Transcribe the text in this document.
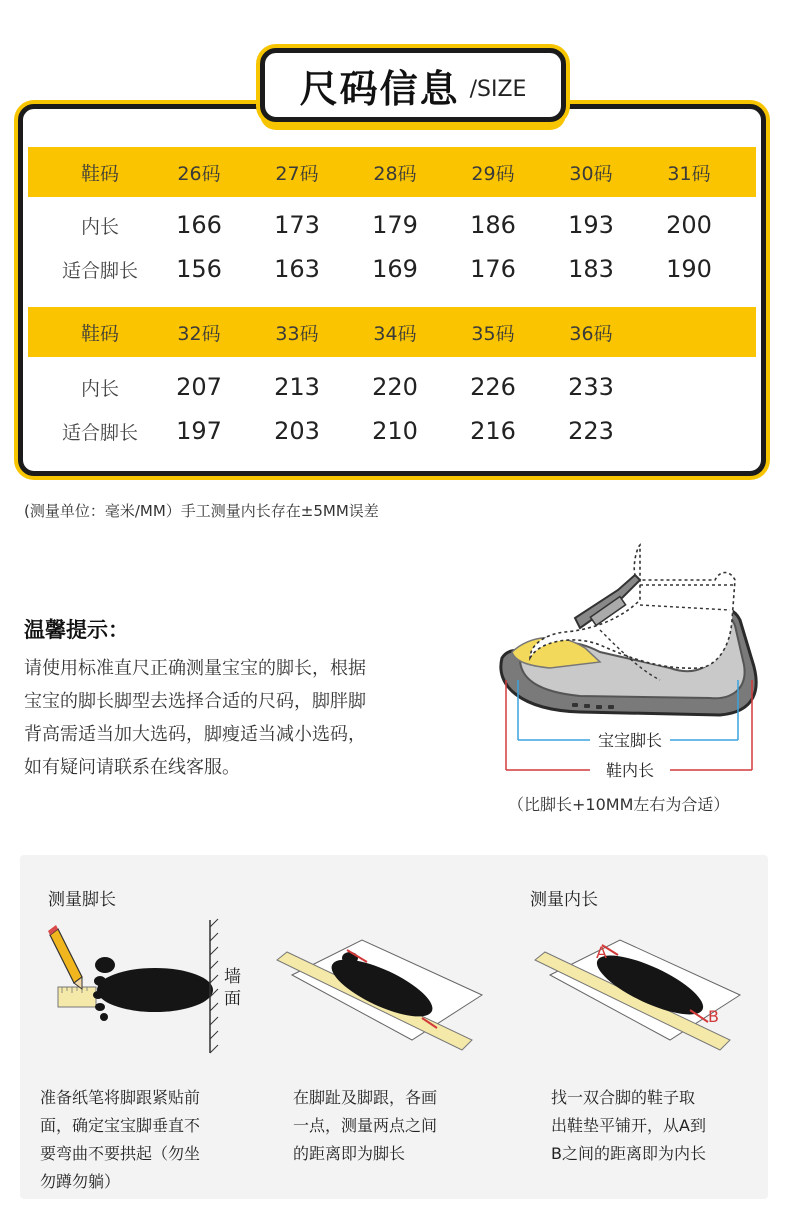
鞋码	26码	27码	28码	29码	30码	31码
内长	166	173	179	186	193	200
适合脚长	156	163	169	176	183	190
鞋码	32码	33码	34码	35码	36码
内长	207	213	220	226	233
适合脚长	197	203	210	216	223
尺码信息 /SIZE
(测量单位：毫米/MM）手工测量内长存在±5MM误差
温馨提示：
请使用标准直尺正确测量宝宝的脚长，根据
宝宝的脚长脚型去选择合适的尺码，脚胖脚
背高需适当加大选码，脚瘦适当减小选码，
如有疑问请联系在线客服。
宝宝脚长
鞋内长
（比脚长+10MM左右为合适）
测量脚长	测量内长
墙面
A
B
准备纸笔将脚跟紧贴前
面，确定宝宝脚垂直不
要弯曲不要拱起（勿坐
勿蹲勿躺）
在脚趾及脚跟，各画
一点，测量两点之间
的距离即为脚长
找一双合脚的鞋子取
出鞋垫平铺开，从A到
B之间的距离即为内长
